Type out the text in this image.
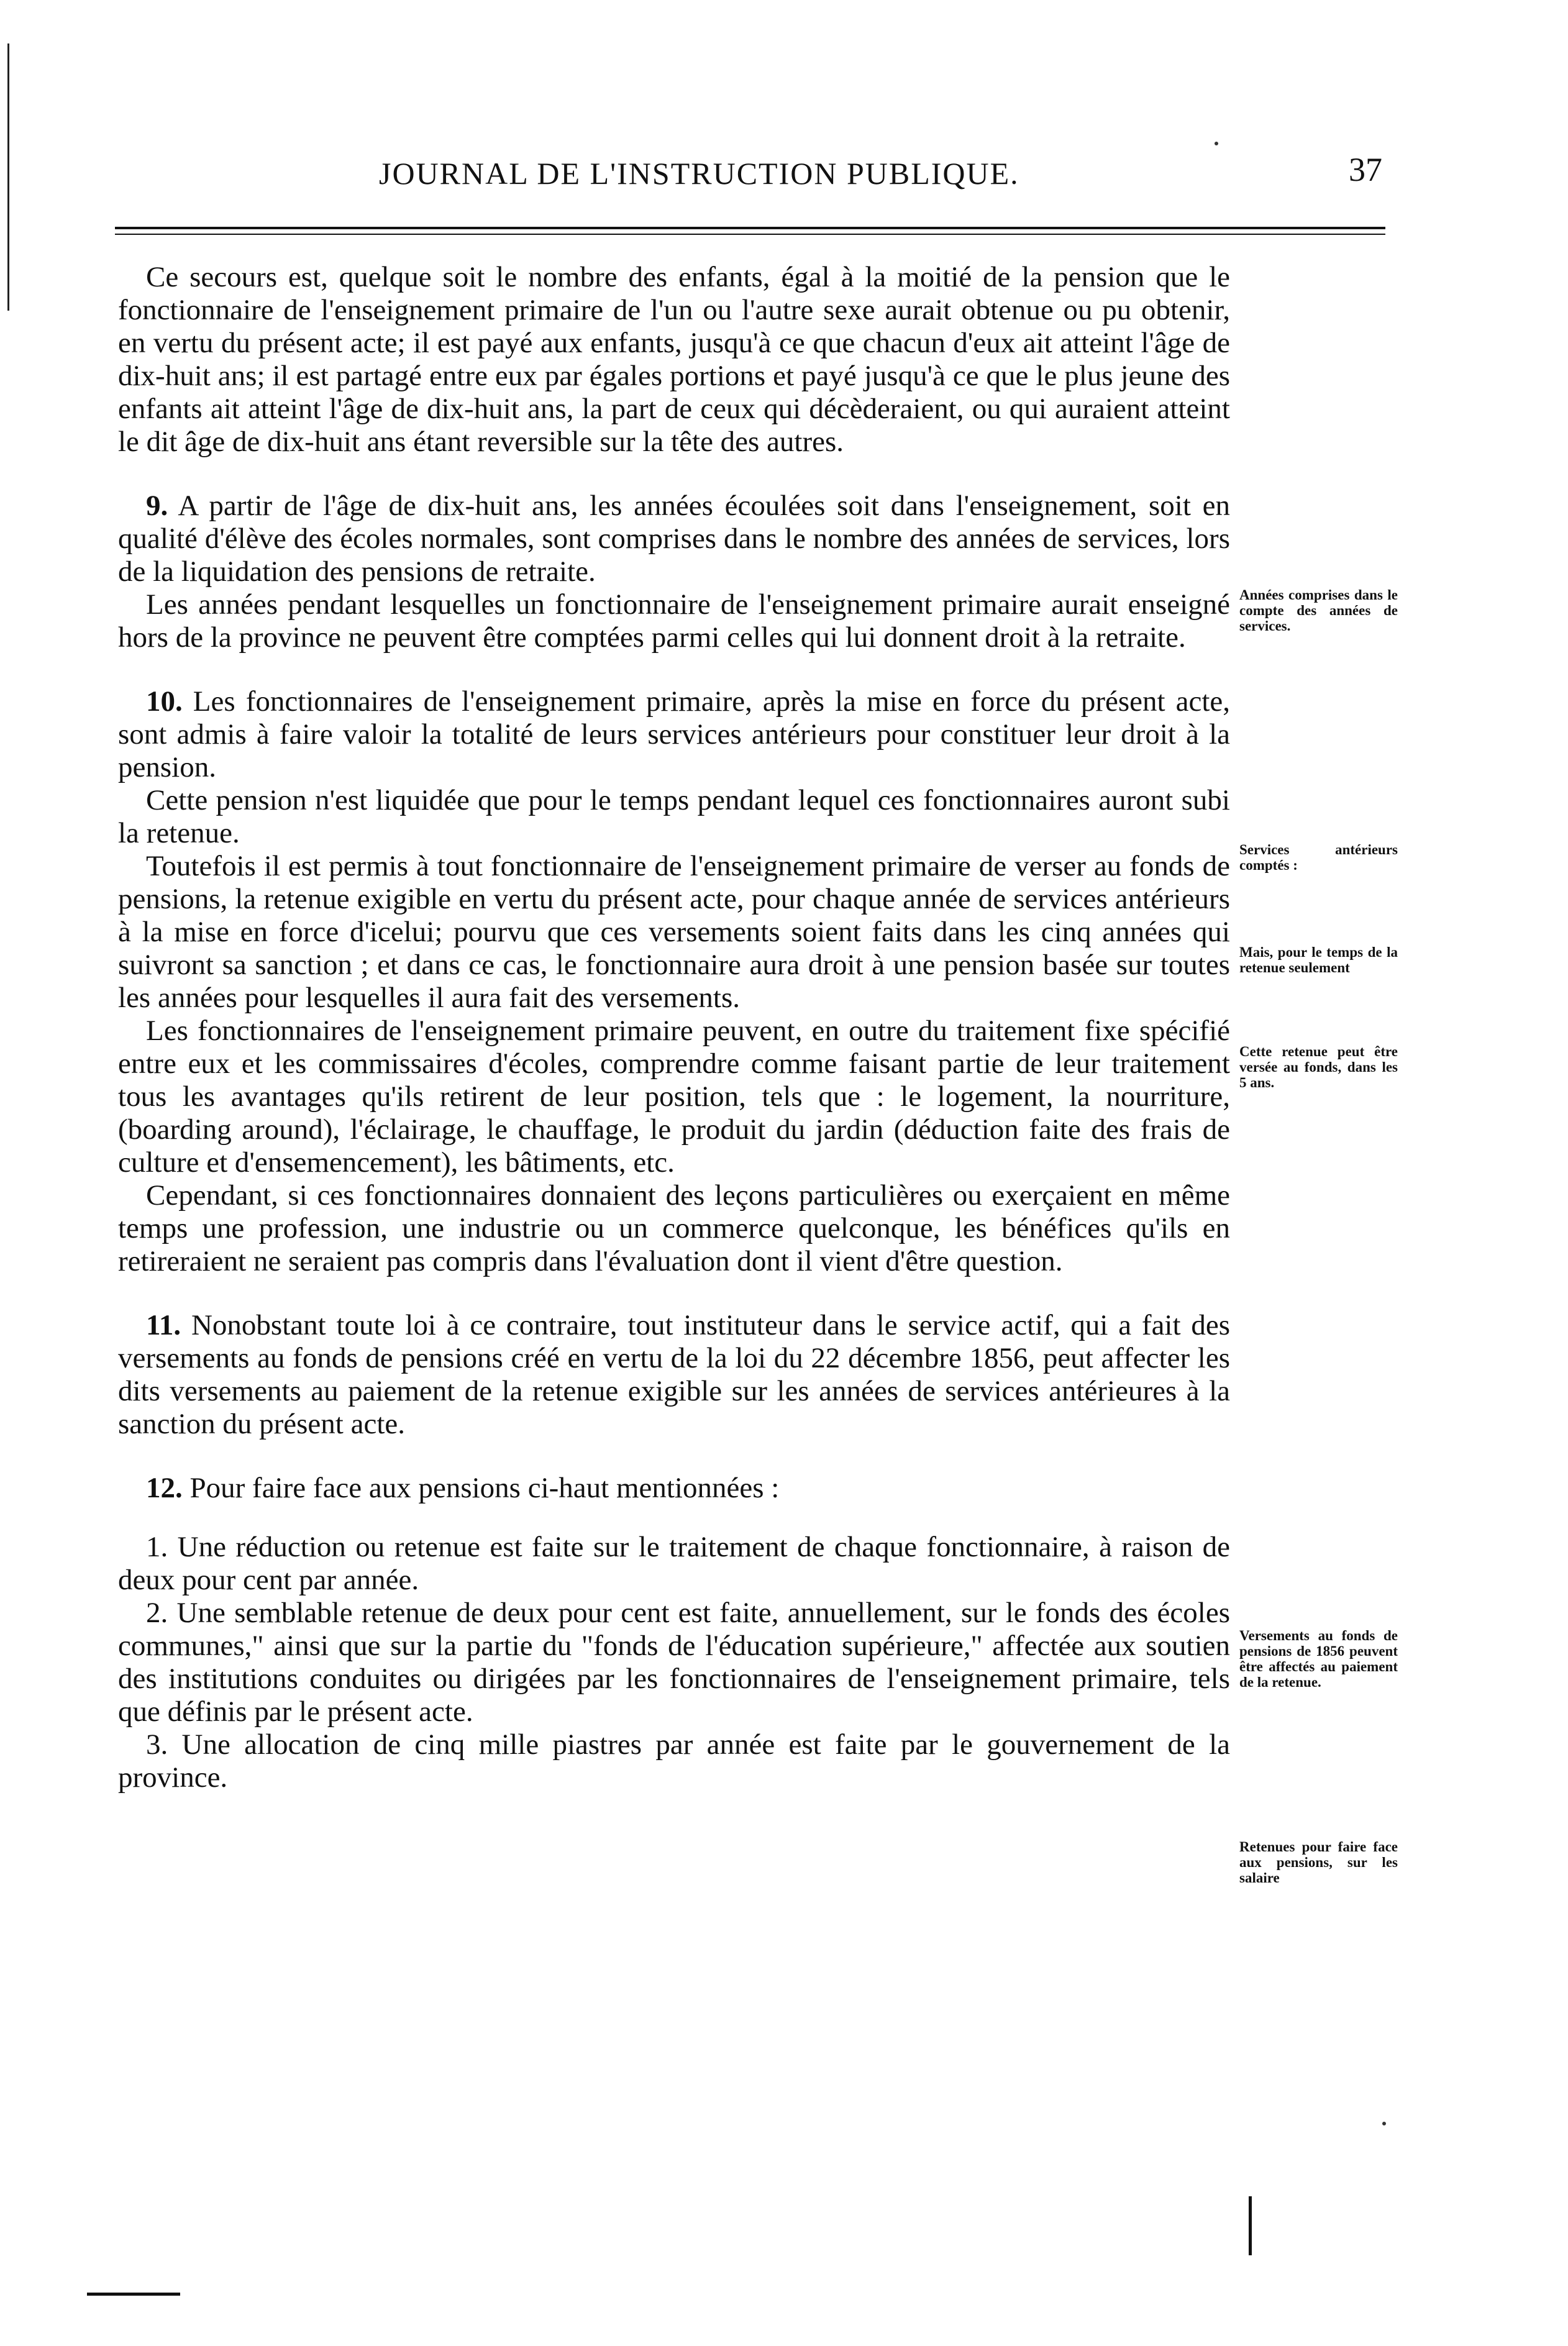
JOURNAL DE L'INSTRUCTION PUBLIQUE.	37

Ce secours est, quelque soit le nombre des enfants, égal à la moitié de la pension que le fonctionnaire de l'enseignement primaire de l'un ou l'autre sexe aurait obtenue ou pu obtenir, en vertu du présent acte; il est payé aux enfants, jusqu'à ce que chacun d'eux ait atteint l'âge de dix-huit ans; il est partagé entre eux par égales portions et payé jusqu'à ce que le plus jeune des enfants ait atteint l'âge de dix-huit ans, la part de ceux qui décèderaient, ou qui auraient atteint le dit âge de dix-huit ans étant reversible sur la tête des autres.

9. A partir de l'âge de dix-huit ans, les années écoulées soit dans l'enseignement, soit en qualité d'élève des écoles normales, sont comprises dans le nombre des années de services, lors de la liquidation des pensions de retraite.

Les années pendant lesquelles un fonctionnaire de l'enseignement primaire aurait enseigné hors de la province ne peuvent être comptées parmi celles qui lui donnent droit à la retraite.

10. Les fonctionnaires de l'enseignement primaire, après la mise en force du présent acte, sont admis à faire valoir la totalité de leurs services antérieurs pour constituer leur droit à la pension.

Cette pension n'est liquidée que pour le temps pendant lequel ces fonctionnaires auront subi la retenue.

Toutefois il est permis à tout fonctionnaire de l'enseignement primaire de verser au fonds de pensions, la retenue exigible en vertu du présent acte, pour chaque année de services antérieurs à la mise en force d'icelui; pourvu que ces versements soient faits dans les cinq années qui suivront sa sanction ; et dans ce cas, le fonctionnaire aura droit à une pension basée sur toutes les années pour lesquelles il aura fait des versements.

Les fonctionnaires de l'enseignement primaire peuvent, en outre du traitement fixe spécifié entre eux et les commissaires d'écoles, comprendre comme faisant partie de leur traitement tous les avantages qu'ils retirent de leur position, tels que : le logement, la nourriture, (boarding around), l'éclairage, le chauffage, le produit du jardin (déduction faite des frais de culture et d'ensemencement), les bâtiments, etc.

Cependant, si ces fonctionnaires donnaient des leçons particulières ou exerçaient en même temps une profession, une industrie ou un commerce quelconque, les bénéfices qu'ils en retireraient ne seraient pas compris dans l'évaluation dont il vient d'être question.

11. Nonobstant toute loi à ce contraire, tout instituteur dans le service actif, qui a fait des versements au fonds de pensions créé en vertu de la loi du 22 décembre 1856, peut affecter les dits versements au paiement de la retenue exigible sur les années de services antérieures à la sanction du présent acte.

12. Pour faire face aux pensions ci-haut mentionnées :

1. Une réduction ou retenue est faite sur le traitement de chaque fonctionnaire, à raison de deux pour cent par année.

2. Une semblable retenue de deux pour cent est faite, annuellement, sur le fonds des écoles communes," ainsi que sur la partie du "fonds de l'éducation supérieure," affectée aux soutien des institutions conduites ou dirigées par les fonctionnaires de l'enseignement primaire, tels que définis par le présent acte.

3. Une allocation de cinq mille piastres par année est faite par le gouvernement de la province.

Années comprises dans le compte des années de services.
Services antérieurs comptés :
Mais, pour le temps de la retenue seulement
Cette retenue peut être versée au fonds, dans les 5 ans.
Versements au fonds de pensions de 1856 peuvent être affectés au paiement de la retenue.
Retenues pour faire face aux pensions, sur les salaire
